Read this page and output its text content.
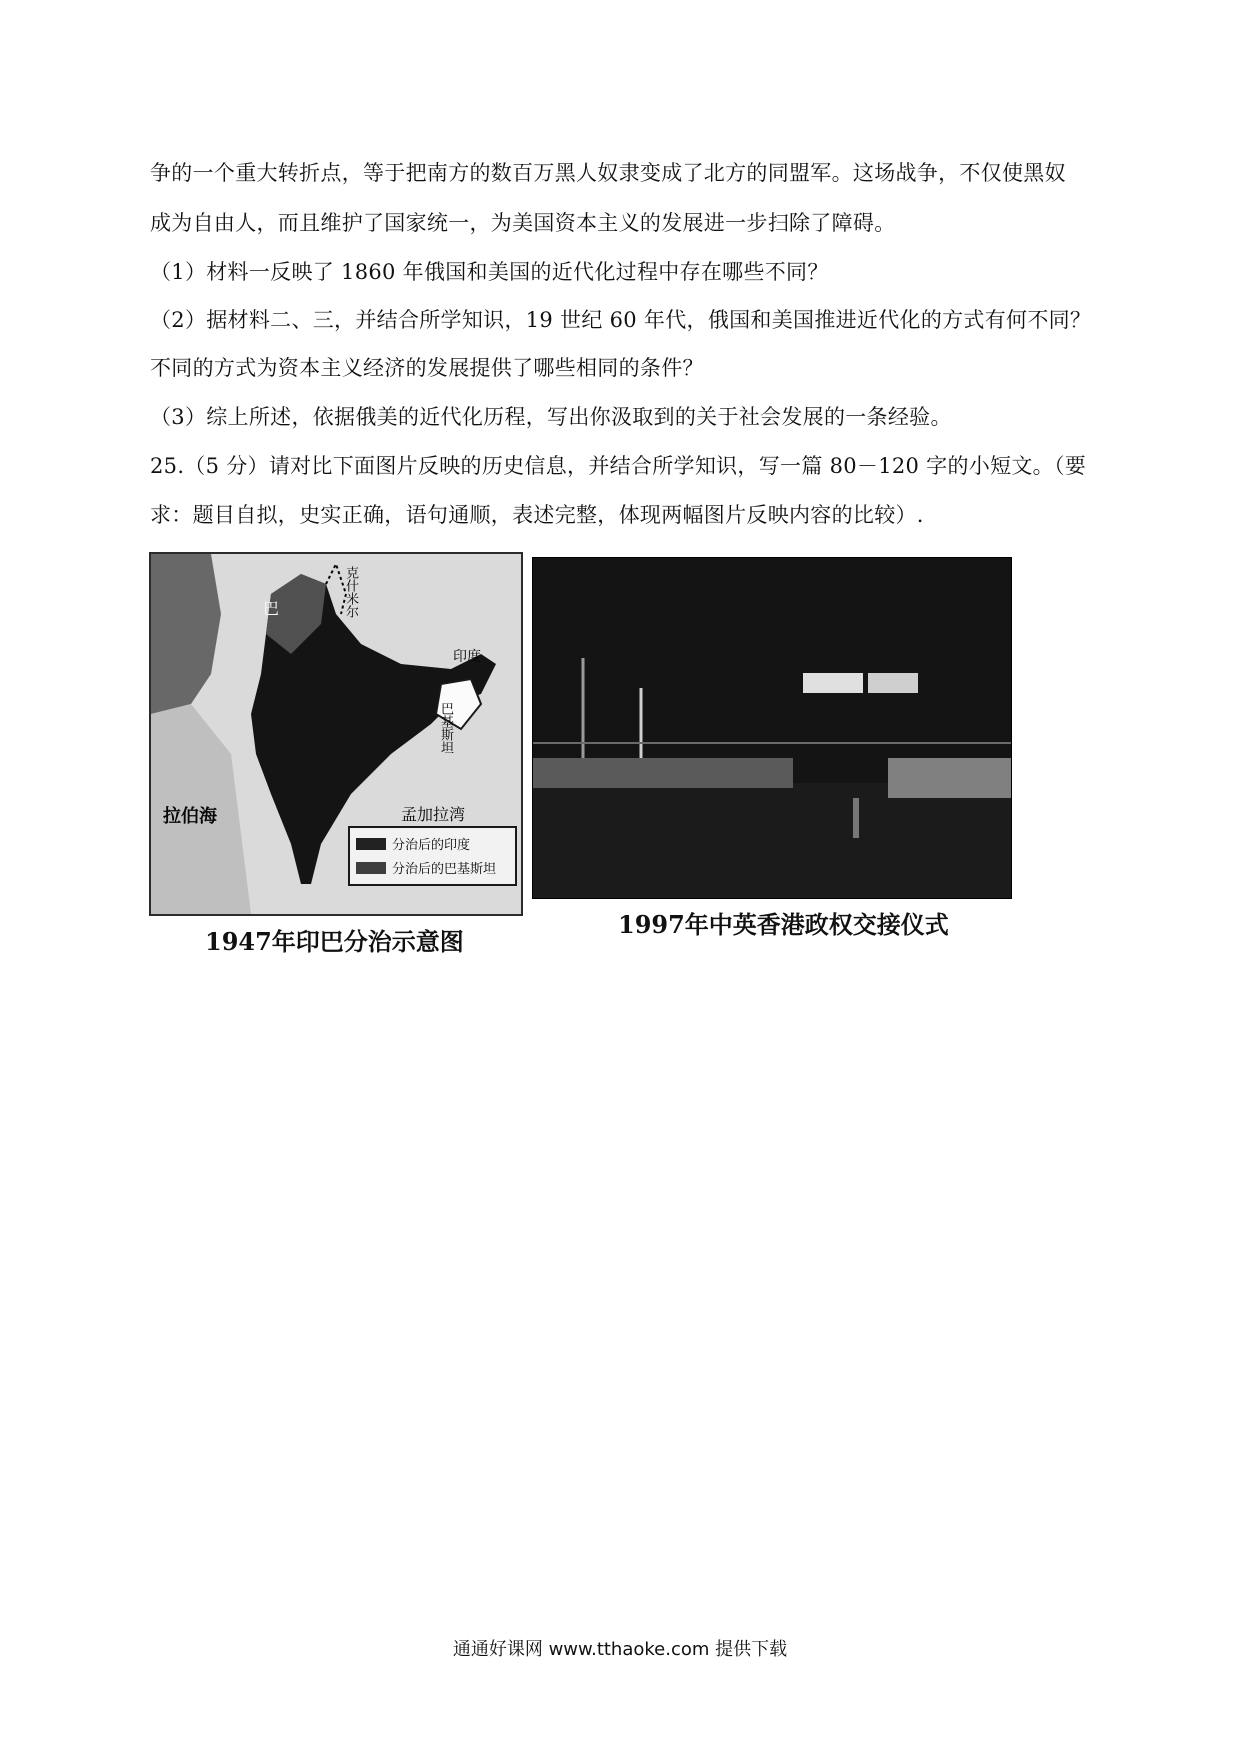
争的一个重大转折点，等于把南方的数百万黑人奴隶变成了北方的同盟军。这场战争，不仅使黑奴
成为自由人，而且维护了国家统一，为美国资本主义的发展进一步扫除了障碍。
（1）材料一反映了 1860 年俄国和美国的近代化过程中存在哪些不同？
（2）据材料二、三，并结合所学知识，19 世纪 60 年代，俄国和美国推进近代化的方式有何不同？
不同的方式为资本主义经济的发展提供了哪些相同的条件？
（3）综上所述，依据俄美的近代化历程，写出你汲取到的关于社会发展的一条经验。
25.（5 分）请对比下面图片反映的历史信息，并结合所学知识，写一篇 80－120 字的小短文。（要
求：题目自拟，史实正确，语句通顺，表述完整，体现两幅图片反映内容的比较）.
克什米尔
巴
印度
巴基斯坦
孟加拉湾
拉伯海
分治后的印度
分治后的巴基斯坦
1947年印巴分治示意图
1997年中英香港政权交接仪式
通通好课网 www.tthaoke.com 提供下载
